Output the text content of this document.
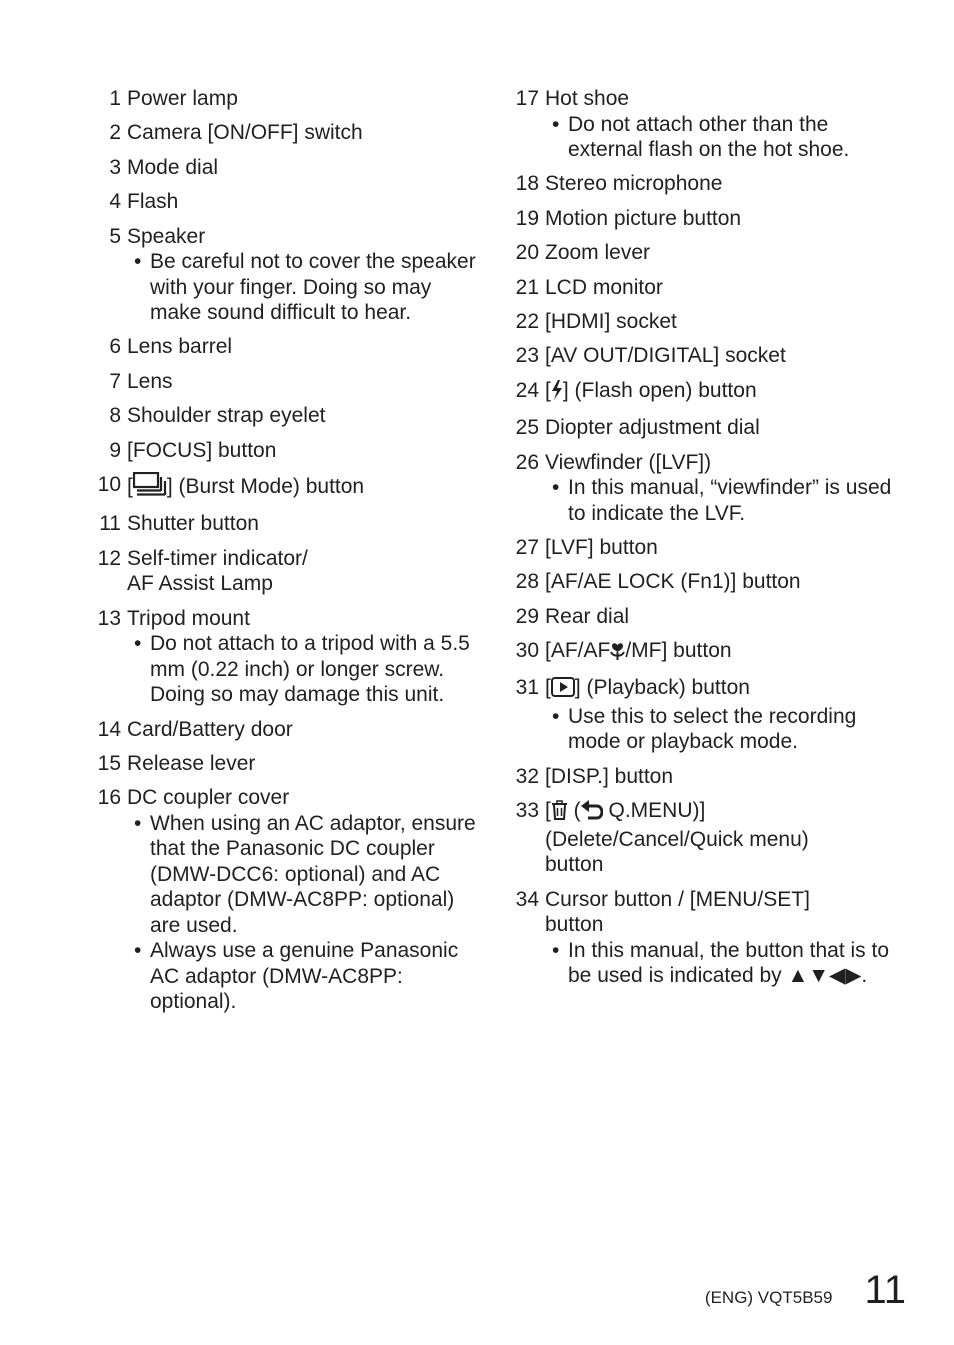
1 Power lamp
2 Camera [ON/OFF] switch
3 Mode dial
4 Flash
5 Speaker
• Be careful not to cover the speaker with your finger. Doing so may make sound difficult to hear.
6 Lens barrel
7 Lens
8 Shoulder strap eyelet
9 [FOCUS] button
10 [ ] (Burst Mode) button
11 Shutter button
12 Self-timer indicator/
AF Assist Lamp
13 Tripod mount
• Do not attach to a tripod with a 5.5 mm (0.22 inch) or longer screw. Doing so may damage this unit.
14 Card/Battery door
15 Release lever
16 DC coupler cover
• When using an AC adaptor, ensure that the Panasonic DC coupler (DMW-DCC6: optional) and AC adaptor (DMW-AC8PP: optional) are used.
• Always use a genuine Panasonic AC adaptor (DMW-AC8PP: optional).
17 Hot shoe
• Do not attach other than the external flash on the hot shoe.
18 Stereo microphone
19 Motion picture button
20 Zoom lever
21 LCD monitor
22 [HDMI] socket
23 [AV OUT/DIGITAL] socket
24 [ ] (Flash open) button
25 Diopter adjustment dial
26 Viewfinder ([LVF])
• In this manual, “viewfinder” is used to indicate the LVF.
27 [LVF] button
28 [AF/AE LOCK (Fn1)] button
29 Rear dial
30 [AF/AF /MF] button
31 [ ] (Playback) button
• Use this to select the recording mode or playback mode.
32 [DISP.] button
33 [ ( Q.MENU)]
(Delete/Cancel/Quick menu)
button
34 Cursor button / [MENU/SET]
button
• In this manual, the button that is to be used is indicated by ▲▼◀▶.
(ENG) VQT5B59 11
